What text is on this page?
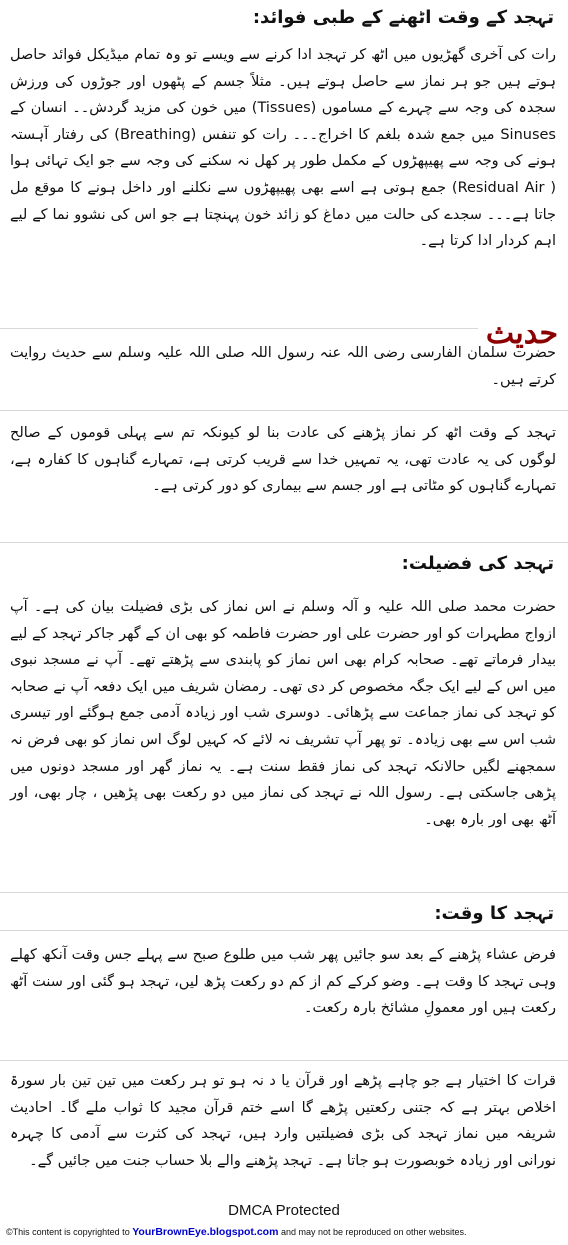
تہجد کے وقت اٹھنے کے طبی فوائد:
رات کی آخری گھڑیوں میں اٹھ کر تہجد ادا کرنے سے ویسے تو وہ تمام میڈیکل فوائد حاصل ہوتے ہیں جو ہر نماز سے حاصل ہوتے ہیں۔ مثلاً جسم کے پٹھوں اور جوڑوں کی ورزش سجدہ کی وجہ سے چہرے کے مساموں (Tissues) میں خون کی مزید گردش۔۔ انسان کے Sinuses میں جمع شدہ بلغم کا اخراج۔۔۔ رات کو تنفس (Breathing) کی رفتار آہستہ ہونے کی وجہ سے پھیپھڑوں کے مکمل طور پر کھل نہ سکنے کی وجہ سے جو ایک تہائی ہوا ( Residual Air) جمع ہوتی ہے اسے بھی پھیپھڑوں سے نکلنے اور داخل ہونے کا موقع مل جاتا ہے۔۔۔ سجدے کی حالت میں دماغ کو زائد خون پہنچتا ہے جو اس کی نشوو نما کے لیے اہم کردار ادا کرتا ہے۔
حدیث
حضرت سلمان الفارسی رضی اللہ عنہ رسول اللہ صلی اللہ علیہ وسلم سے حدیث روایت کرتے ہیں۔
تہجد کے وقت اٹھ کر نماز پڑھنے کی عادت بنا لو کیونکہ تم سے پہلی قوموں کے صالح لوگوں کی یہ عادت تھی، یہ تمہیں خدا سے قریب کرتی ہے، تمہارے گناہوں کا کفارہ ہے، تمہارے گناہوں کو مٹاتی ہے اور جسم سے بیماری کو دور کرتی ہے۔
تہجد کی فضیلت:
حضرت محمد صلی اللہ علیہ و آلہ وسلم نے اس نماز کی بڑی فضیلت بیان کی ہے۔ آپ ازواج مطہرات کو اور حضرت علی اور حضرت فاطمہ کو بھی ان کے گھر جاکر تہجد کے لیے بیدار فرماتے تھے۔ صحابہ کرام بھی اس نماز کو پابندی سے پڑھتے تھے۔ آپ نے مسجد نبوی میں اس کے لیے ایک جگہ مخصوص کر دی تھی۔ رمضان شریف میں ایک دفعہ آپ نے صحابہ کو تہجد کی نماز جماعت سے پڑھائی۔ دوسری شب اور زیادہ آدمی جمع ہوگئے اور تیسری شب اس سے بھی زیادہ۔ تو پھر آپ تشریف نہ لائے کہ کہیں لوگ اس نماز کو بھی فرض نہ سمجھنے لگیں حالانکہ تہجد کی نماز فقط سنت ہے۔ یہ نماز گھر اور مسجد دونوں میں پڑھی جاسکتی ہے۔ رسول اللہ نے تہجد کی نماز میں دو رکعت بھی پڑھیں ، چار بھی، اور آٹھ بھی اور بارہ بھی۔
تہجد کا وقت:
فرض عشاء پڑھنے کے بعد سو جائیں پھر شب میں طلوع صبح سے پہلے جس وقت آنکھ کھلے وہی تہجد کا وقت ہے۔ وضو کرکے کم از کم دو رکعت پڑھ لیں، تہجد ہو گئی اور سنت آٹھ رکعت ہیں اور معمولِ مشائخ بارہ رکعت۔
قرات کا اختیار ہے جو چاہے پڑھے اور قرآن یا د نہ ہو تو ہر رکعت میں تین تین بار سورۃ اخلاص بہتر ہے کہ جتنی رکعتیں پڑھے گا اسے ختم قرآن مجید کا ثواب ملے گا۔ احادیث شریفہ میں نماز تہجد کی بڑی فضیلتیں وارد ہیں، تہجد کی کثرت سے آدمی کا چہرہ نورانی اور زیادہ خوبصورت ہو جاتا ہے۔ تہجد پڑھنے والے بلا حساب جنت میں جائیں گے۔
DMCA Protected
©This content is copyrighted to YourBrownEye.blogspot.com and may not be reproduced on other websites.
